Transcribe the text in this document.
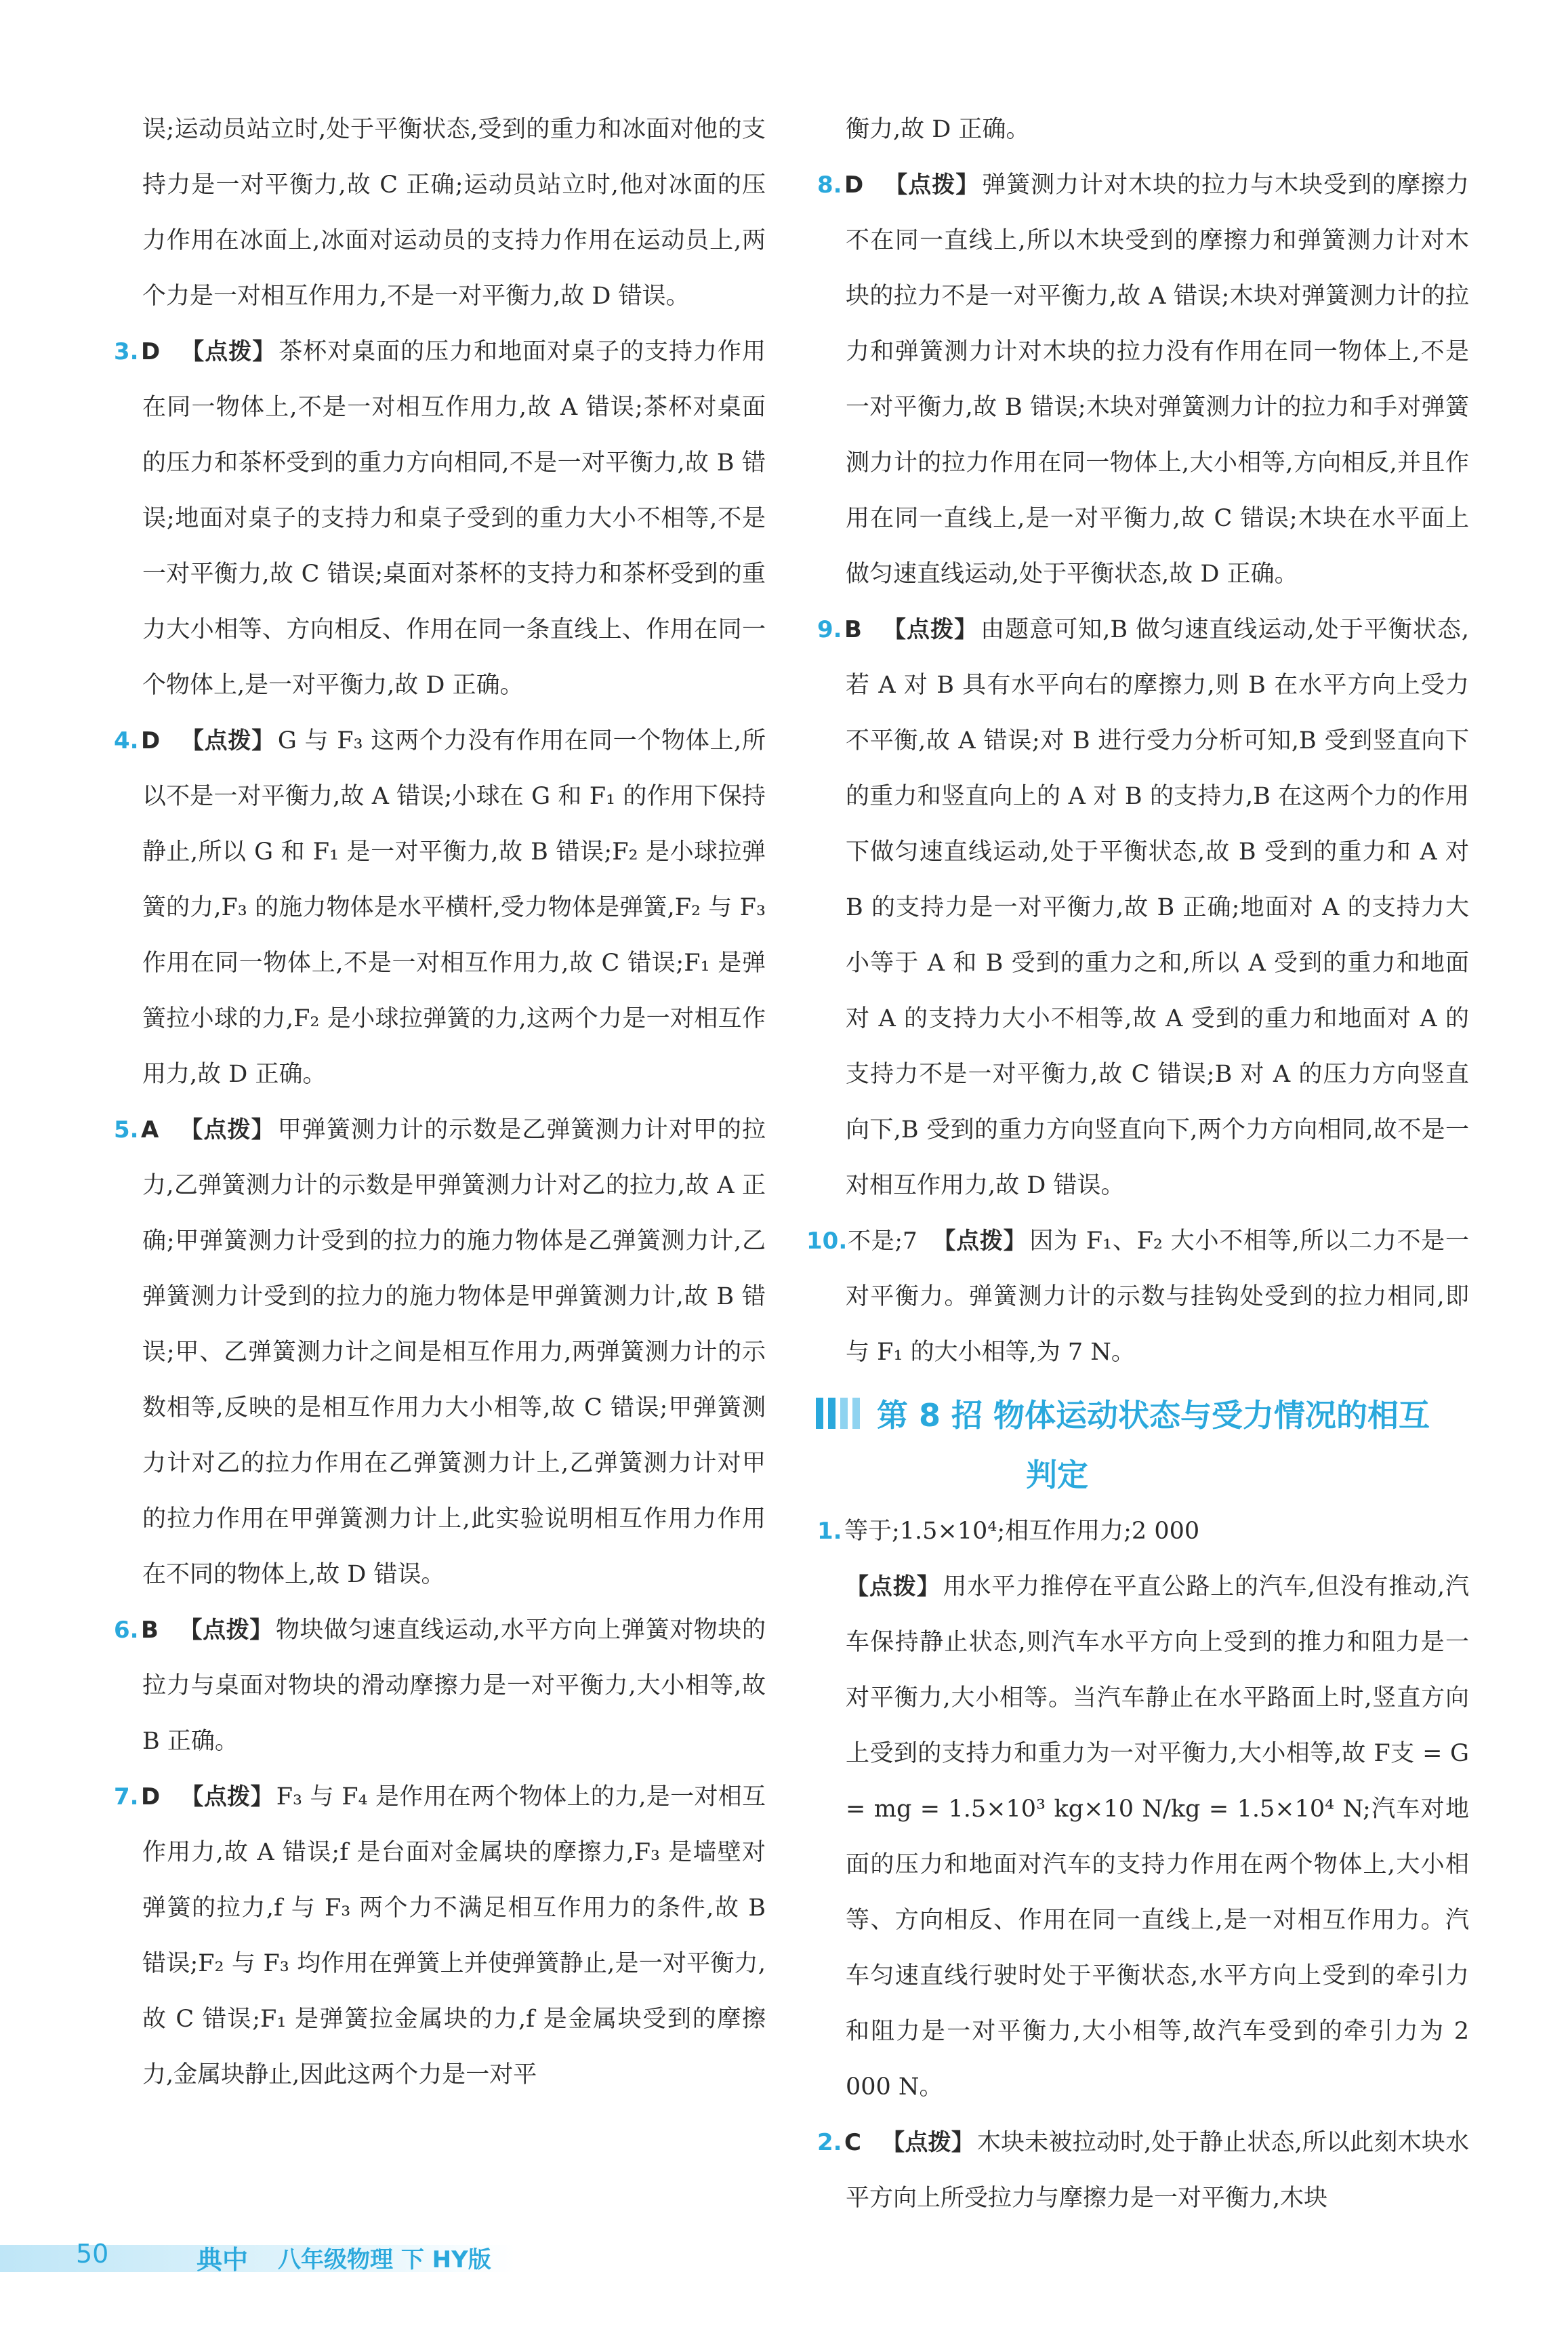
误;运动员站立时,处于平衡状态,受到的重力和冰面对他的支持力是一对平衡力,故 C 正确;运动员站立时,他对冰面的压力作用在冰面上,冰面对运动员的支持力作用在运动员上,两个力是一对相互作用力,不是一对平衡力,故 D 错误。

3. D 【点拨】 茶杯对桌面的压力和地面对桌子的支持力作用在同一物体上,不是一对相互作用力,故 A 错误;茶杯对桌面的压力和茶杯受到的重力方向相同,不是一对平衡力,故 B 错误;地面对桌子的支持力和桌子受到的重力大小不相等,不是一对平衡力,故 C 错误;桌面对茶杯的支持力和茶杯受到的重力大小相等、方向相反、作用在同一条直线上、作用在同一个物体上,是一对平衡力,故 D 正确。

4. D 【点拨】 G 与 F₃ 这两个力没有作用在同一个物体上,所以不是一对平衡力,故 A 错误;小球在 G 和 F₁ 的作用下保持静止,所以 G 和 F₁ 是一对平衡力,故 B 错误;F₂ 是小球拉弹簧的力,F₃ 的施力物体是水平横杆,受力物体是弹簧,F₂ 与 F₃ 作用在同一物体上,不是一对相互作用力,故 C 错误;F₁ 是弹簧拉小球的力,F₂ 是小球拉弹簧的力,这两个力是一对相互作用力,故 D 正确。

5. A 【点拨】 甲弹簧测力计的示数是乙弹簧测力计对甲的拉力,乙弹簧测力计的示数是甲弹簧测力计对乙的拉力,故 A 正确;甲弹簧测力计受到的拉力的施力物体是乙弹簧测力计,乙弹簧测力计受到的拉力的施力物体是甲弹簧测力计,故 B 错误;甲、乙弹簧测力计之间是相互作用力,两弹簧测力计的示数相等,反映的是相互作用力大小相等,故 C 错误;甲弹簧测力计对乙的拉力作用在乙弹簧测力计上,乙弹簧测力计对甲的拉力作用在甲弹簧测力计上,此实验说明相互作用力作用在不同的物体上,故 D 错误。

6. B 【点拨】 物块做匀速直线运动,水平方向上弹簧对物块的拉力与桌面对物块的滑动摩擦力是一对平衡力,大小相等,故 B 正确。

7. D 【点拨】 F₃ 与 F₄ 是作用在两个物体上的力,是一对相互作用力,故 A 错误;f 是台面对金属块的摩擦力,F₃ 是墙壁对弹簧的拉力,f 与 F₃ 两个力不满足相互作用力的条件,故 B 错误;F₂ 与 F₃ 均作用在弹簧上并使弹簧静止,是一对平衡力,故 C 错误;F₁ 是弹簧拉金属块的力,f 是金属块受到的摩擦力,金属块静止,因此这两个力是一对平

衡力,故 D 正确。

8. D 【点拨】 弹簧测力计对木块的拉力与木块受到的摩擦力不在同一直线上,所以木块受到的摩擦力和弹簧测力计对木块的拉力不是一对平衡力,故 A 错误;木块对弹簧测力计的拉力和弹簧测力计对木块的拉力没有作用在同一物体上,不是一对平衡力,故 B 错误;木块对弹簧测力计的拉力和手对弹簧测力计的拉力作用在同一物体上,大小相等,方向相反,并且作用在同一直线上,是一对平衡力,故 C 错误;木块在水平面上做匀速直线运动,处于平衡状态,故 D 正确。

9. B 【点拨】 由题意可知,B 做匀速直线运动,处于平衡状态,若 A 对 B 具有水平向右的摩擦力,则 B 在水平方向上受力不平衡,故 A 错误;对 B 进行受力分析可知,B 受到竖直向下的重力和竖直向上的 A 对 B 的支持力,B 在这两个力的作用下做匀速直线运动,处于平衡状态,故 B 受到的重力和 A 对 B 的支持力是一对平衡力,故 B 正确;地面对 A 的支持力大小等于 A 和 B 受到的重力之和,所以 A 受到的重力和地面对 A 的支持力大小不相等,故 A 受到的重力和地面对 A 的支持力不是一对平衡力,故 C 错误;B 对 A 的压力方向竖直向下,B 受到的重力方向竖直向下,两个力方向相同,故不是一对相互作用力,故 D 错误。

10.不是;7 【点拨】 因为 F₁、F₂ 大小不相等,所以二力不是一对平衡力。弹簧测力计的示数与挂钩处受到的拉力相同,即与 F₁ 的大小相等,为 7 N。

第 8 招 物体运动状态与受力情况的相互
判定

1.等于;1.5×10⁴;相互作用力;2 000

【点拨】 用水平力推停在平直公路上的汽车,但没有推动,汽车保持静止状态,则汽车水平方向上受到的推力和阻力是一对平衡力,大小相等。当汽车静止在水平路面上时,竖直方向上受到的支持力和重力为一对平衡力,大小相等,故 F支 = G = mg = 1.5×10³ kg×10 N/kg = 1.5×10⁴ N;汽车对地面的压力和地面对汽车的支持力作用在两个物体上,大小相等、方向相反、作用在同一直线上,是一对相互作用力。汽车匀速直线行驶时处于平衡状态,水平方向上受到的牵引力和阻力是一对平衡力,大小相等,故汽车受到的牵引力为 2 000 N。

2. C 【点拨】 木块未被拉动时,处于静止状态,所以此刻木块水平方向上所受拉力与摩擦力是一对平衡力,木块

50	典中 八年级物理 下 HY版
